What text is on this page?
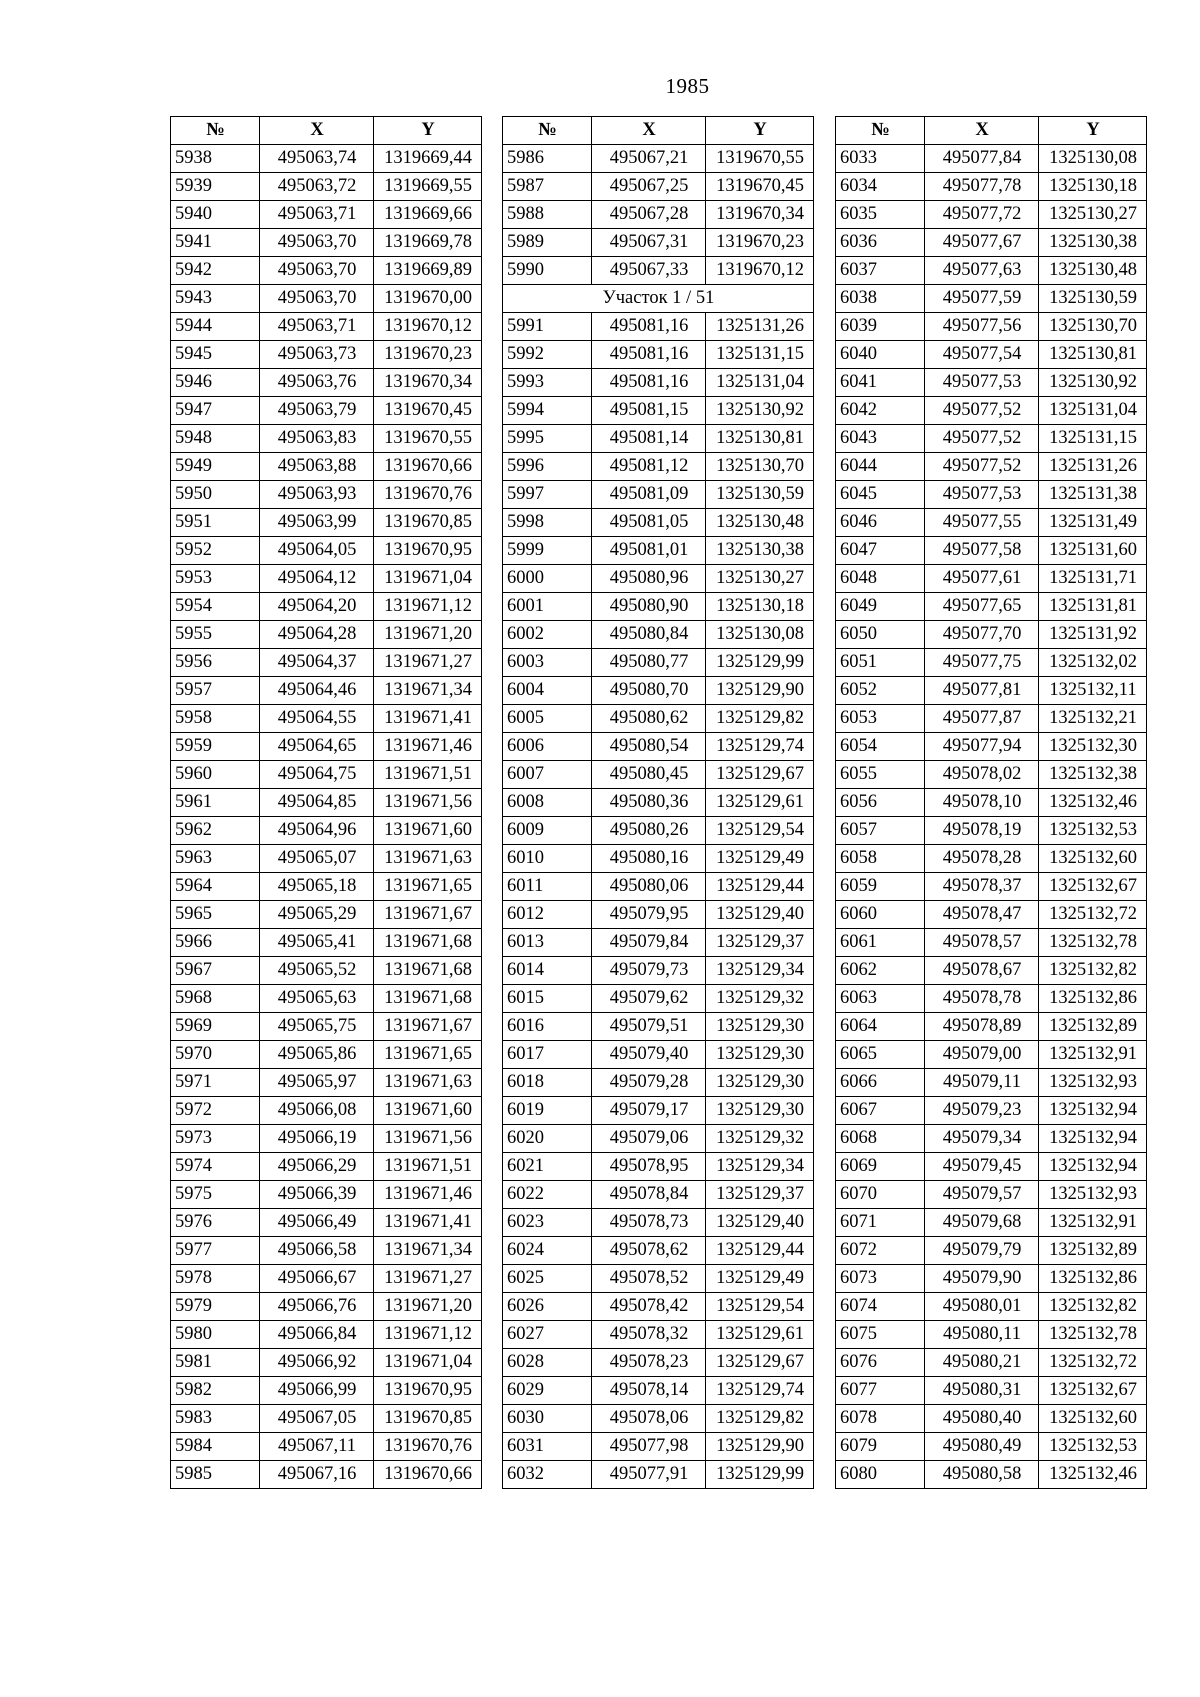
1985
№	X	Y
5938	495063,74	1319669,44
5939	495063,72	1319669,55
5940	495063,71	1319669,66
5941	495063,70	1319669,78
5942	495063,70	1319669,89
5943	495063,70	1319670,00
5944	495063,71	1319670,12
5945	495063,73	1319670,23
5946	495063,76	1319670,34
5947	495063,79	1319670,45
5948	495063,83	1319670,55
5949	495063,88	1319670,66
5950	495063,93	1319670,76
5951	495063,99	1319670,85
5952	495064,05	1319670,95
5953	495064,12	1319671,04
5954	495064,20	1319671,12
5955	495064,28	1319671,20
5956	495064,37	1319671,27
5957	495064,46	1319671,34
5958	495064,55	1319671,41
5959	495064,65	1319671,46
5960	495064,75	1319671,51
5961	495064,85	1319671,56
5962	495064,96	1319671,60
5963	495065,07	1319671,63
5964	495065,18	1319671,65
5965	495065,29	1319671,67
5966	495065,41	1319671,68
5967	495065,52	1319671,68
5968	495065,63	1319671,68
5969	495065,75	1319671,67
5970	495065,86	1319671,65
5971	495065,97	1319671,63
5972	495066,08	1319671,60
5973	495066,19	1319671,56
5974	495066,29	1319671,51
5975	495066,39	1319671,46
5976	495066,49	1319671,41
5977	495066,58	1319671,34
5978	495066,67	1319671,27
5979	495066,76	1319671,20
5980	495066,84	1319671,12
5981	495066,92	1319671,04
5982	495066,99	1319670,95
5983	495067,05	1319670,85
5984	495067,11	1319670,76
5985	495067,16	1319670,66
№	X	Y
5986	495067,21	1319670,55
5987	495067,25	1319670,45
5988	495067,28	1319670,34
5989	495067,31	1319670,23
5990	495067,33	1319670,12
Участок 1 / 51		
5991	495081,16	1325131,26
5992	495081,16	1325131,15
5993	495081,16	1325131,04
5994	495081,15	1325130,92
5995	495081,14	1325130,81
5996	495081,12	1325130,70
5997	495081,09	1325130,59
5998	495081,05	1325130,48
5999	495081,01	1325130,38
6000	495080,96	1325130,27
6001	495080,90	1325130,18
6002	495080,84	1325130,08
6003	495080,77	1325129,99
6004	495080,70	1325129,90
6005	495080,62	1325129,82
6006	495080,54	1325129,74
6007	495080,45	1325129,67
6008	495080,36	1325129,61
6009	495080,26	1325129,54
6010	495080,16	1325129,49
6011	495080,06	1325129,44
6012	495079,95	1325129,40
6013	495079,84	1325129,37
6014	495079,73	1325129,34
6015	495079,62	1325129,32
6016	495079,51	1325129,30
6017	495079,40	1325129,30
6018	495079,28	1325129,30
6019	495079,17	1325129,30
6020	495079,06	1325129,32
6021	495078,95	1325129,34
6022	495078,84	1325129,37
6023	495078,73	1325129,40
6024	495078,62	1325129,44
6025	495078,52	1325129,49
6026	495078,42	1325129,54
6027	495078,32	1325129,61
6028	495078,23	1325129,67
6029	495078,14	1325129,74
6030	495078,06	1325129,82
6031	495077,98	1325129,90
6032	495077,91	1325129,99
№	X	Y
6033	495077,84	1325130,08
6034	495077,78	1325130,18
6035	495077,72	1325130,27
6036	495077,67	1325130,38
6037	495077,63	1325130,48
6038	495077,59	1325130,59
6039	495077,56	1325130,70
6040	495077,54	1325130,81
6041	495077,53	1325130,92
6042	495077,52	1325131,04
6043	495077,52	1325131,15
6044	495077,52	1325131,26
6045	495077,53	1325131,38
6046	495077,55	1325131,49
6047	495077,58	1325131,60
6048	495077,61	1325131,71
6049	495077,65	1325131,81
6050	495077,70	1325131,92
6051	495077,75	1325132,02
6052	495077,81	1325132,11
6053	495077,87	1325132,21
6054	495077,94	1325132,30
6055	495078,02	1325132,38
6056	495078,10	1325132,46
6057	495078,19	1325132,53
6058	495078,28	1325132,60
6059	495078,37	1325132,67
6060	495078,47	1325132,72
6061	495078,57	1325132,78
6062	495078,67	1325132,82
6063	495078,78	1325132,86
6064	495078,89	1325132,89
6065	495079,00	1325132,91
6066	495079,11	1325132,93
6067	495079,23	1325132,94
6068	495079,34	1325132,94
6069	495079,45	1325132,94
6070	495079,57	1325132,93
6071	495079,68	1325132,91
6072	495079,79	1325132,89
6073	495079,90	1325132,86
6074	495080,01	1325132,82
6075	495080,11	1325132,78
6076	495080,21	1325132,72
6077	495080,31	1325132,67
6078	495080,40	1325132,60
6079	495080,49	1325132,53
6080	495080,58	1325132,46
